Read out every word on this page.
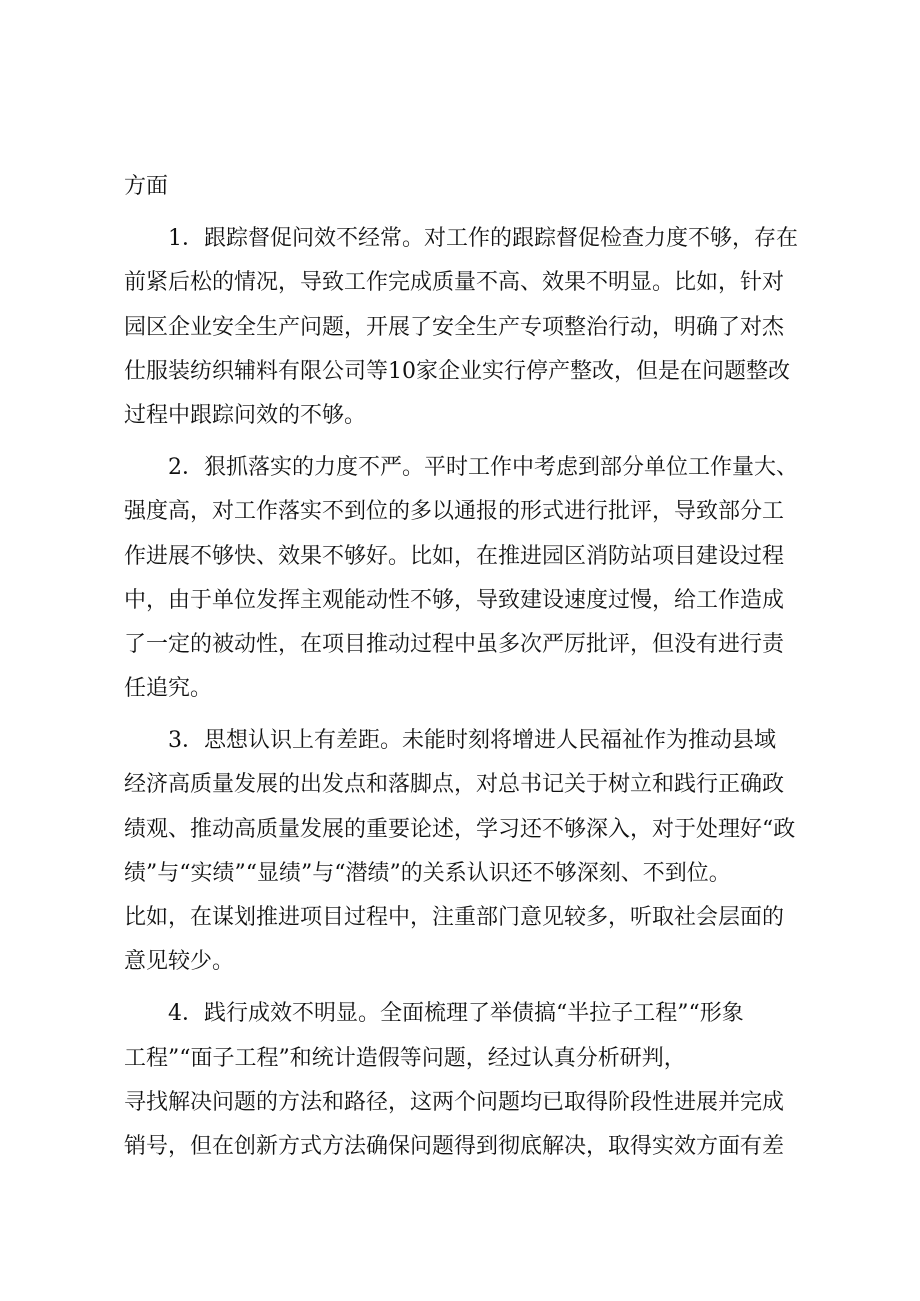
方面
1．跟踪督促问效不经常。对工作的跟踪督促检查力度不够，存在
前紧后松的情况，导致工作完成质量不高、效果不明显。比如，针对
园区企业安全生产问题，开展了安全生产专项整治行动，明确了对杰
仕服装纺织辅料有限公司等10家企业实行停产整改，但是在问题整改
过程中跟踪问效的不够。
2．狠抓落实的力度不严。平时工作中考虑到部分单位工作量大、
强度高，对工作落实不到位的多以通报的形式进行批评，导致部分工
作进展不够快、效果不够好。比如，在推进园区消防站项目建设过程
中，由于单位发挥主观能动性不够，导致建设速度过慢，给工作造成
了一定的被动性，在项目推动过程中虽多次严厉批评，但没有进行责
任追究。
3．思想认识上有差距。未能时刻将增进人民福祉作为推动县域
经济高质量发展的出发点和落脚点，对总书记关于树立和践行正确政
绩观、推动高质量发展的重要论述，学习还不够深入，对于处理好“政
绩”与“实绩”“显绩”与“潜绩”的关系认识还不够深刻、不到位。
比如，在谋划推进项目过程中，注重部门意见较多，听取社会层面的
意见较少。
4．践行成效不明显。全面梳理了举债搞“半拉子工程”“形象
工程”“面子工程”和统计造假等问题，经过认真分析研判，
寻找解决问题的方法和路径，这两个问题均已取得阶段性进展并完成
销号，但在创新方式方法确保问题得到彻底解决，取得实效方面有差
